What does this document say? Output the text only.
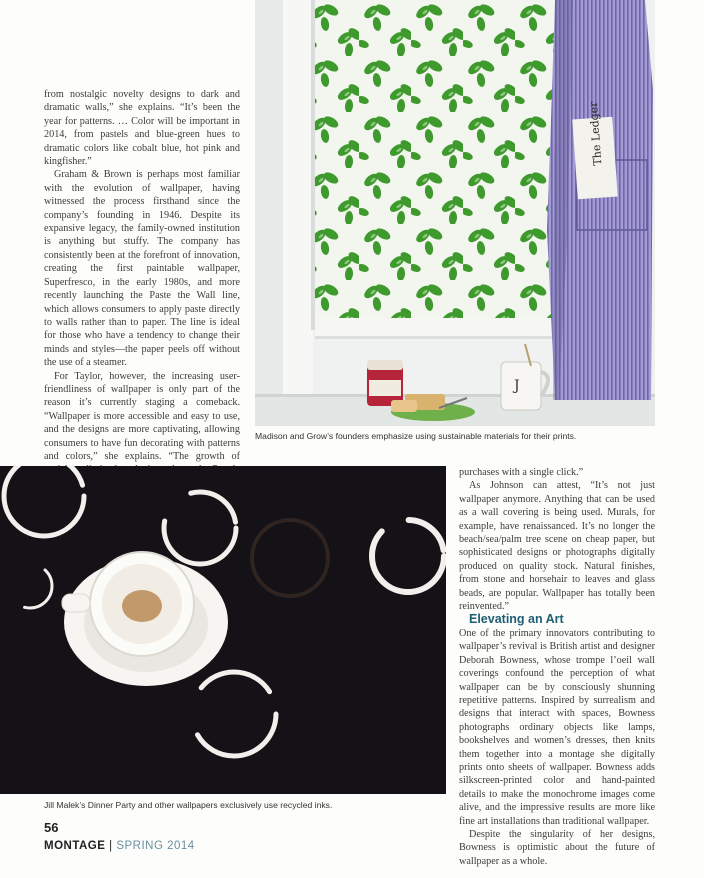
from nostalgic novelty designs to dark and dramatic walls,” she explains. “It’s been the year for patterns. … Color will be important in 2014, from pastels and blue-green hues to dramatic colors like cobalt blue, hot pink and kingfisher.”

Graham & Brown is perhaps most familiar with the evolution of wallpaper, having witnessed the process firsthand since the company’s founding in 1946. Despite its expansive legacy, the family-owned institution is anything but stuffy. The company has consistently been at the forefront of innovation, creating the first paintable wallpaper, Superfresco, in the early 1980s, and more recently launching the Paste the Wall line, which allows consumers to apply paste directly to walls rather than to paper. The line is ideal for those who have a tendency to change their minds and styles—the paper peels off without the use of a steamer.

For Taylor, however, the increasing user-friendliness of wallpaper is only part of the reason it’s currently staging a comeback. “Wallpaper is more accessible and easy to use, and the designs are more captivating, allowing consumers to have fun decorating with patterns and colors,” she explains. “The growth of

The Ledger
J
Madison and Grow’s founders emphasize using sustainable materials for their prints.
Jill Malek’s Dinner Party and other wallpapers exclusively use recycled inks.

purchases with a single click.”

As Johnson can attest, “It’s not just wallpaper anymore. Anything that can be used as a wall covering is being used. Murals, for example, have renaissanced. It’s no longer the beach/sea/palm tree scene on cheap paper, but sophisticated designs or photographs digitally produced on quality stock. Natural finishes, from stone and horsehair to leaves and glass beads, are popular. Wallpaper has totally been reinvented.”

Elevating an Art

One of the primary innovators contributing to wallpaper’s revival is British artist and designer Deborah Bowness, whose trompe l’oeil wall coverings confound the perception of what wallpaper can be by consciously shunning repetitive patterns. Inspired by surrealism and designs that interact with spaces, Bowness photographs ordinary objects like lamps, bookshelves and women’s dresses, then knits them together into a montage she digitally prints onto sheets of wallpaper. Bowness adds silkscreen-printed color and hand-painted details to make the monochrome images come alive, and the impressive results are more like fine art installations than traditional wallpaper.

Despite the singularity of her designs, Bowness is optimistic about the future of wallpaper as a whole.

56
MONTAGE | SPRING 2014
